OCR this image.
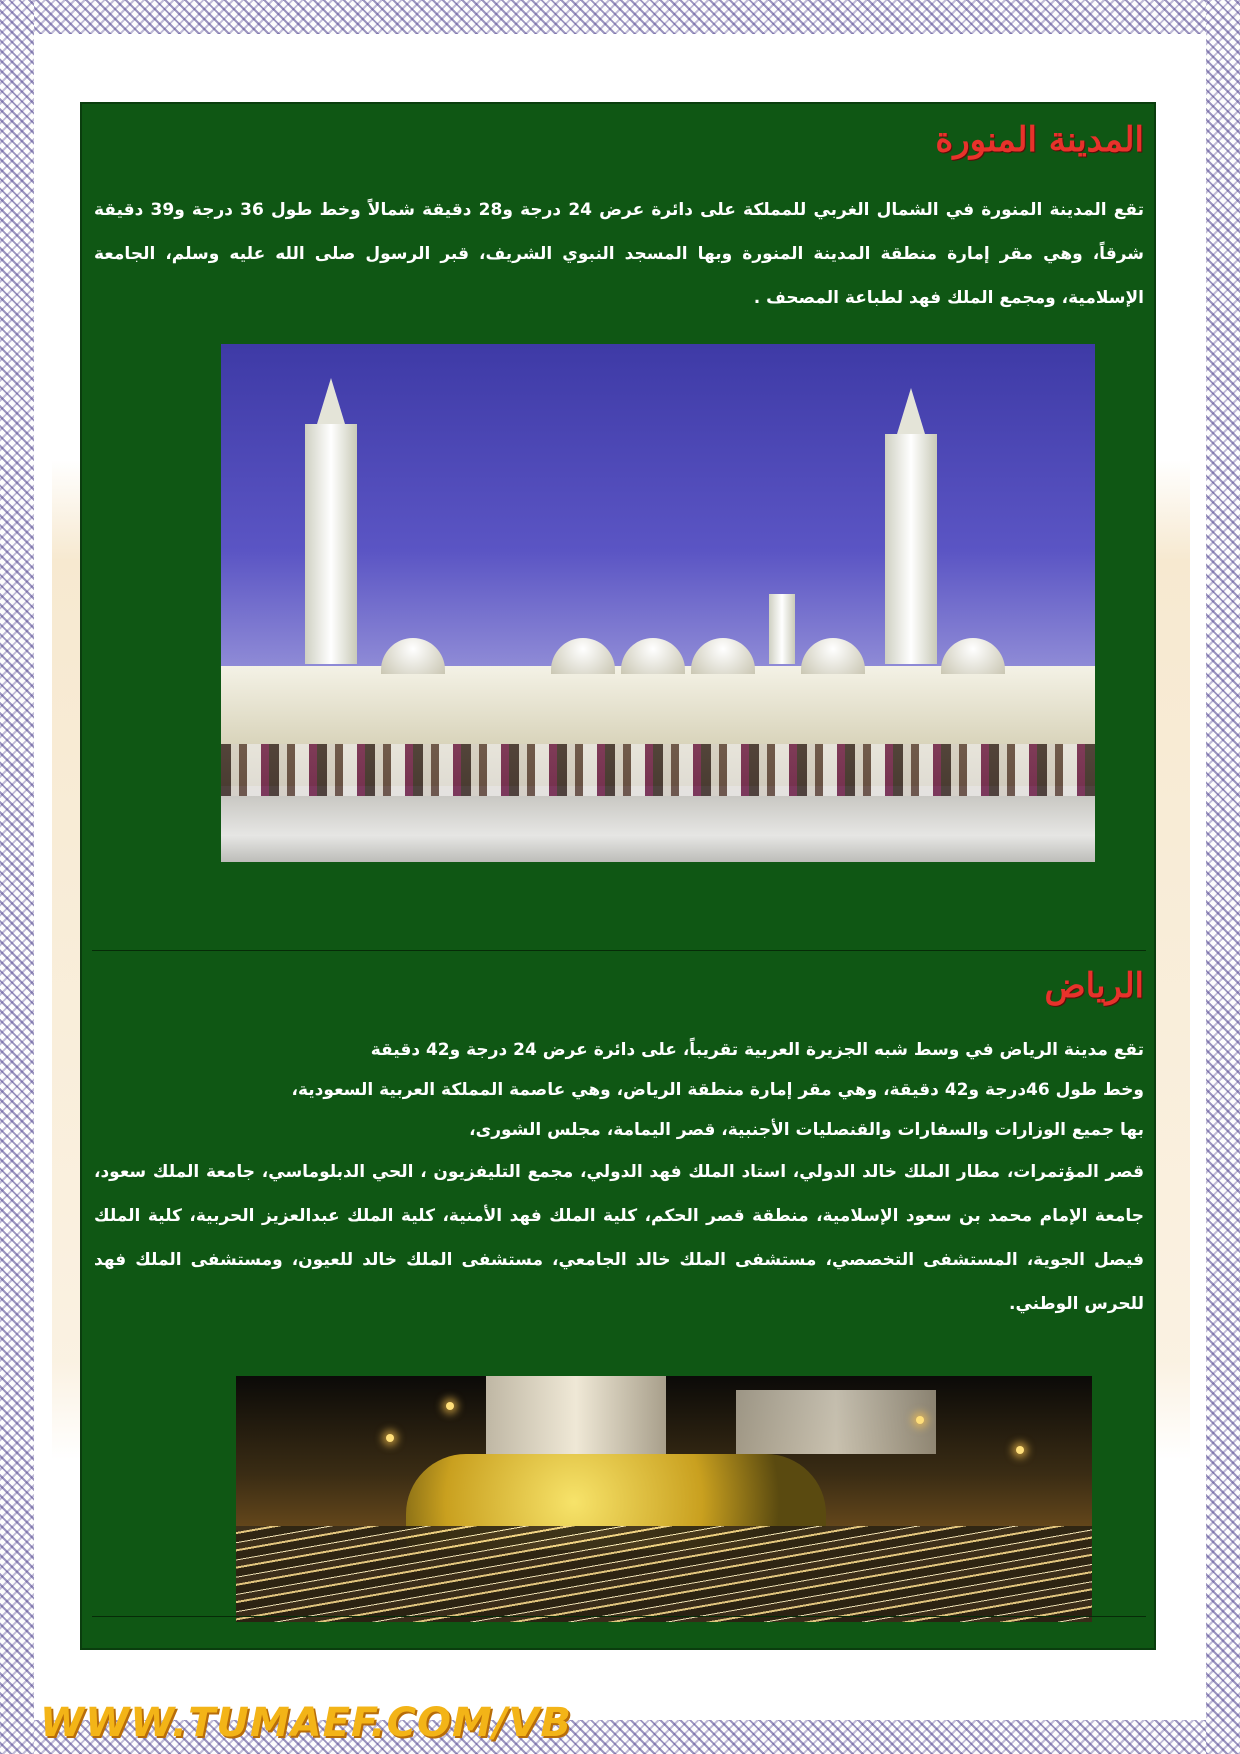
المدينة المنورة

تقع المدينة المنورة في الشمال الغربي للمملكة على دائرة عرض 24 درجة و28 دقيقة شمالاً وخط طول 36 درجة و39 دقيقة شرقاً، وهي مقر إمارة منطقة المدينة المنورة وبها المسجد النبوي الشريف، قبر الرسول صلى الله عليه وسلم، الجامعة الإسلامية، ومجمع الملك فهد لطباعة المصحف .

الرياض

تقع مدينة الرياض في وسط شبه الجزيرة العربية تقريباً، على دائرة عرض 24 درجة و42 دقيقة

وخط طول 46درجة و42 دقيقة، وهي مقر إمارة منطقة الرياض، وهي عاصمة المملكة العربية السعودية،

بها جميع الوزارات والسفارات والقنصليات الأجنبية، قصر اليمامة، مجلس الشورى،

قصر المؤتمرات، مطار الملك خالد الدولي، استاد الملك فهد الدولي، مجمع التليفزيون ، الحي الدبلوماسي، جامعة الملك سعود، جامعة الإمام محمد بن سعود الإسلامية، منطقة قصر الحكم، كلية الملك فهد الأمنية، كلية الملك عبدالعزيز الحربية، كلية الملك فيصل الجوية، المستشفى التخصصي، مستشفى الملك خالد الجامعي، مستشفى الملك خالد للعيون، ومستشفى الملك فهد للحرس الوطني.

WWW.TUMAEF.COM/VB
